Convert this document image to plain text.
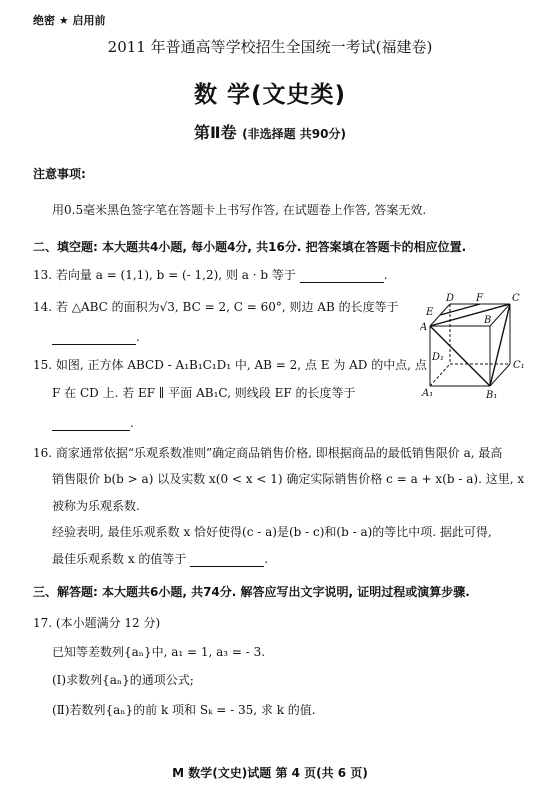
绝密 ★ 启用前
2011 年普通高等学校招生全国统一考试(福建卷)
数 学(文史类)
第Ⅱ卷 (非选择题 共90分)
注意事项:
用0.5毫米黑色签字笔在答题卡上书写作答, 在试题卷上作答, 答案无效.
二、填空题: 本大题共4小题, 每小题4分, 共16分. 把答案填在答题卡的相应位置.
13. 若向量 a = (1,1), b = (- 1,2), 则 a · b 等于	.
14. 若 △ABC 的面积为√3, BC = 2, C = 60°, 则边 AB 的长度等于
.
15. 如图, 正方体 ABCD - A₁B₁C₁D₁ 中, AB = 2, 点 E 为 AD 的中点, 点
F 在 CD 上. 若 EF ∥ 平面 AB₁C, 则线段 EF 的长度等于
.
D F	C
E
B
A
D₁
C₁
A₁	B₁
16. 商家通常依据“乐观系数准则”确定商品销售价格, 即根据商品的最低销售限价 a, 最高
销售限价 b(b > a) 以及实数 x(0 < x < 1) 确定实际销售价格 c = a + x(b - a). 这里, x
被称为乐观系数.
经验表明, 最佳乐观系数 x 恰好使得(c - a)是(b - c)和(b - a)的等比中项. 据此可得,
最佳乐观系数 x 的值等于	.
三、解答题: 本大题共6小题, 共74分. 解答应写出文字说明, 证明过程或演算步骤.
17. (本小题满分 12 分)
已知等差数列{aₙ}中, a₁ = 1, a₃ = - 3.
(Ⅰ)求数列{aₙ}的通项公式;
(Ⅱ)若数列{aₙ}的前 k 项和 Sₖ = - 35, 求 k 的值.
M 数学(文史)试题 第 4 页(共 6 页)
